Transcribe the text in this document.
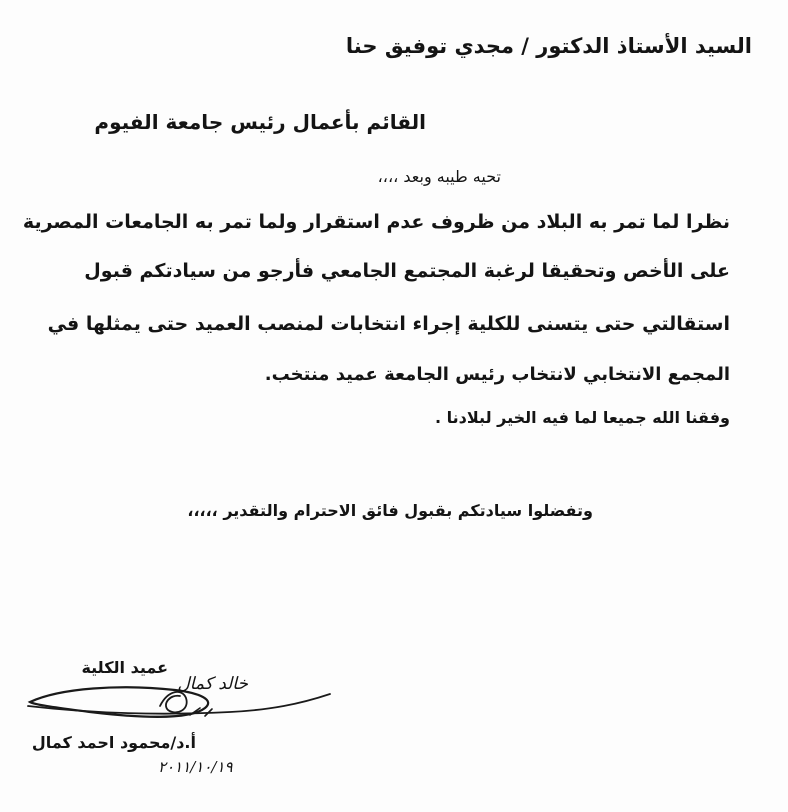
السيد الأستاذ الدكتور / مجدي توفيق حنا
القائم بأعمال رئيس جامعة الفيوم
تحيه طيبه وبعد ،،،،
نظرا لما تمر به البلاد من ظروف عدم استقرار ولما تمر به الجامعات المصرية
على الأخص وتحقيقا لرغبة المجتمع الجامعي فأرجو من سيادتكم قبول
استقالتي حتى يتسنى للكلية إجراء انتخابات لمنصب العميد حتى يمثلها في
المجمع الانتخابي لانتخاب رئيس الجامعة عميد منتخب.
وفقنا الله جميعا لما فيه الخير لبلادنا .
وتفضلوا سيادتكم بقبول فائق الاحترام والتقدير ،،،،،
عميد الكلية
خالد كمال
أ.د/محمود احمد كمال
٢٠١١/١٠/١٩
